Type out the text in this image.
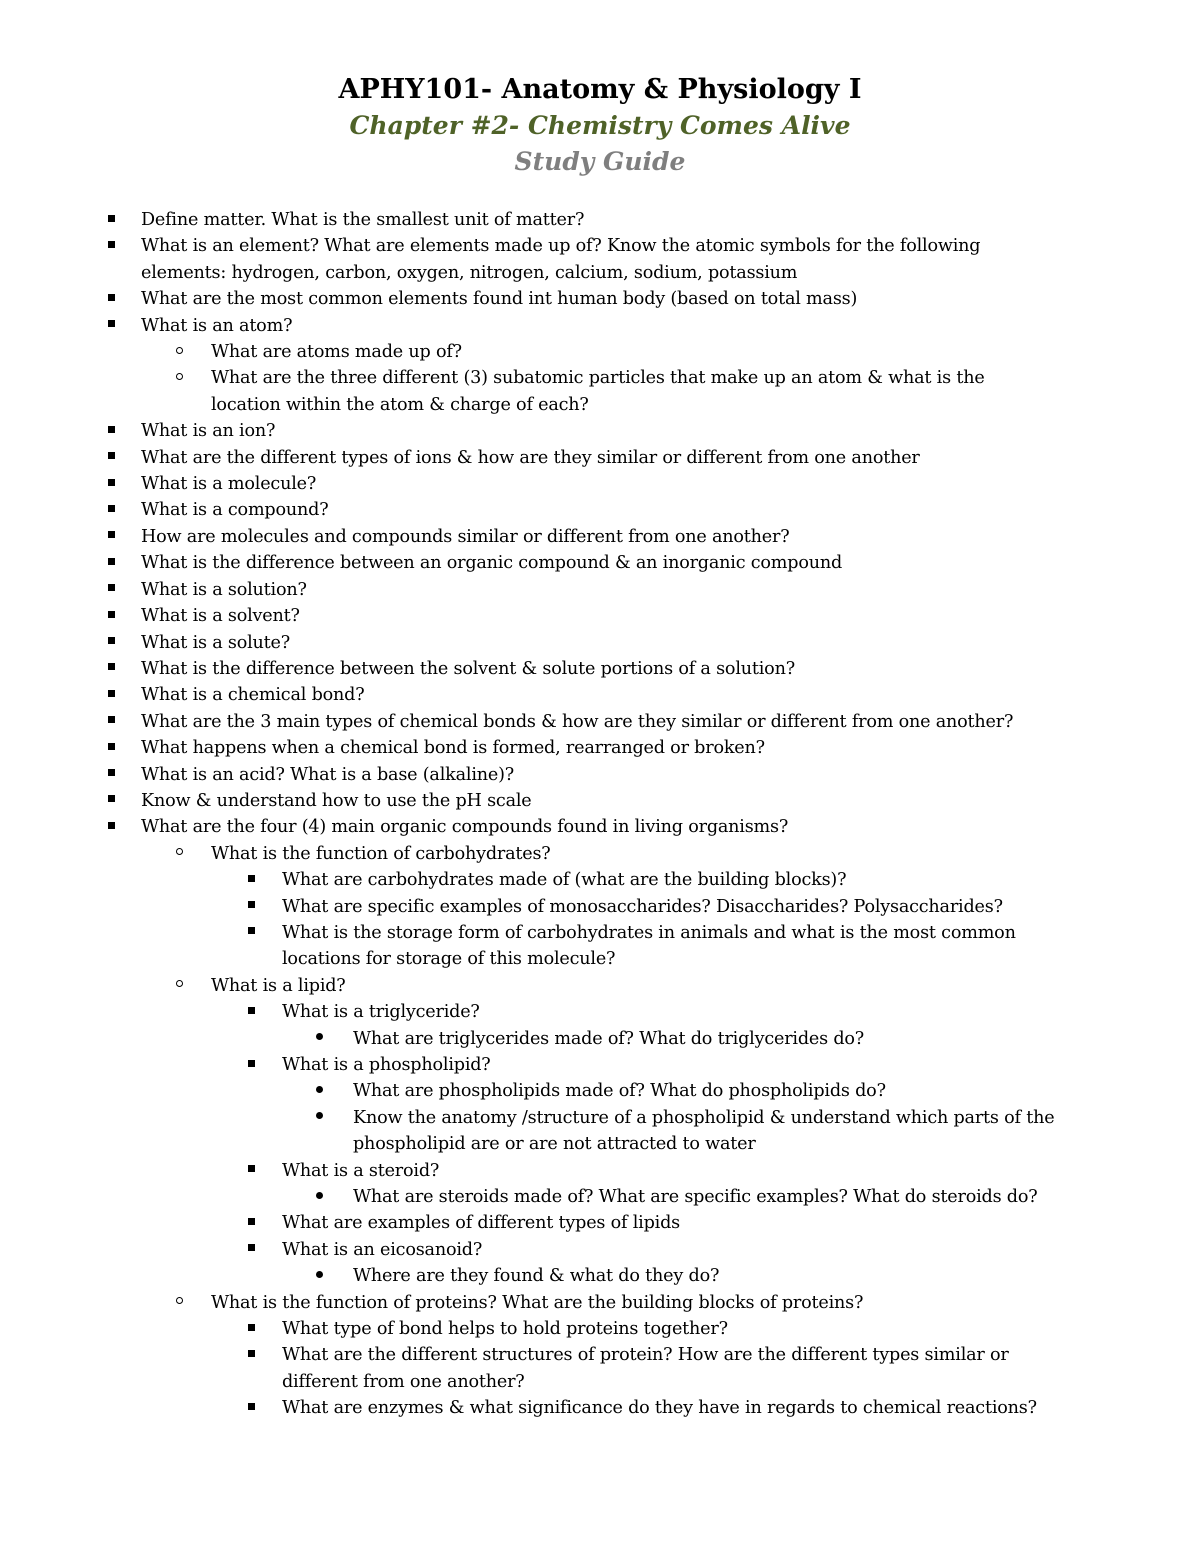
APHY101- Anatomy & Physiology I
Chapter #2- Chemistry Comes Alive
Study Guide
Define matter. What is the smallest unit of matter?
What is an element? What are elements made up of? Know the atomic symbols for the following
elements: hydrogen, carbon, oxygen, nitrogen, calcium, sodium, potassium
What are the most common elements found int human body (based on total mass)
What is an atom?
What are atoms made up of?
What are the three different (3) subatomic particles that make up an atom & what is the
location within the atom & charge of each?
What is an ion?
What are the different types of ions & how are they similar or different from one another
What is a molecule?
What is a compound?
How are molecules and compounds similar or different from one another?
What is the difference between an organic compound & an inorganic compound
What is a solution?
What is a solvent?
What is a solute?
What is the difference between the solvent & solute portions of a solution?
What is a chemical bond?
What are the 3 main types of chemical bonds & how are they similar or different from one another?
What happens when a chemical bond is formed, rearranged or broken?
What is an acid? What is a base (alkaline)?
Know & understand how to use the pH scale
What are the four (4) main organic compounds found in living organisms?
What is the function of carbohydrates?
What are carbohydrates made of (what are the building blocks)?
What are specific examples of monosaccharides? Disaccharides? Polysaccharides?
What is the storage form of carbohydrates in animals and what is the most common
locations for storage of this molecule?
What is a lipid?
What is a triglyceride?
What are triglycerides made of? What do triglycerides do?
What is a phospholipid?
What are phospholipids made of? What do phospholipids do?
Know the anatomy /structure of a phospholipid & understand which parts of the
phospholipid are or are not attracted to water
What is a steroid?
What are steroids made of? What are specific examples? What do steroids do?
What are examples of different types of lipids
What is an eicosanoid?
Where are they found & what do they do?
What is the function of proteins? What are the building blocks of proteins?
What type of bond helps to hold proteins together?
What are the different structures of protein? How are the different types similar or
different from one another?
What are enzymes & what significance do they have in regards to chemical reactions?
